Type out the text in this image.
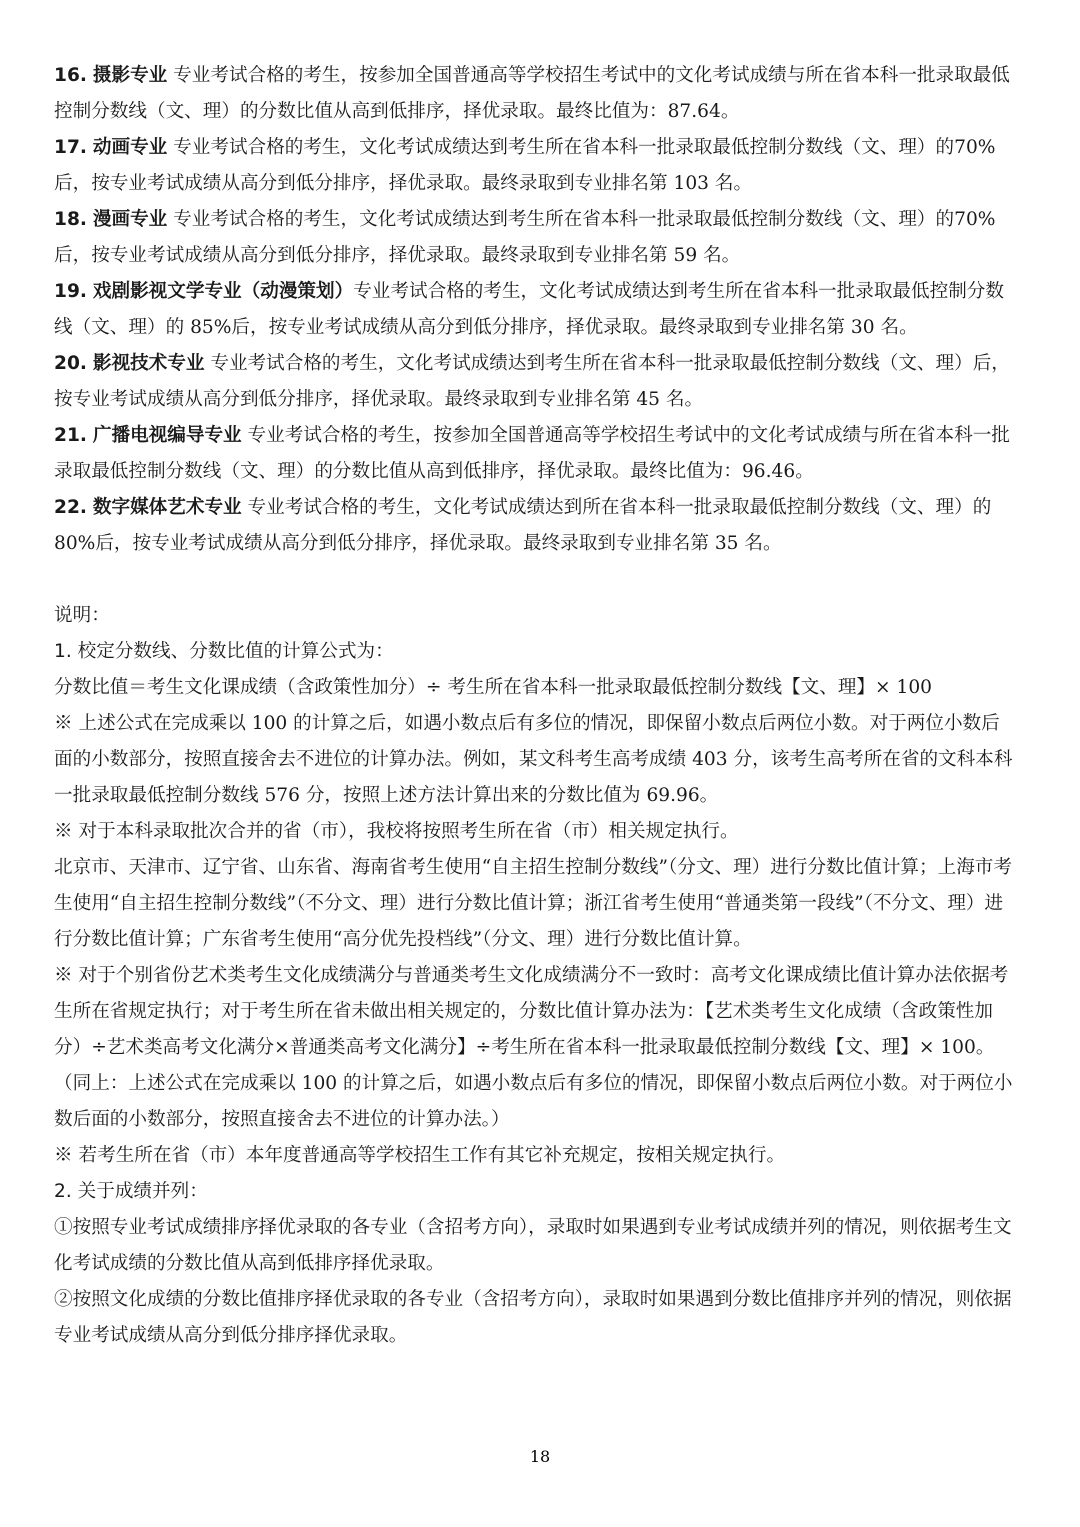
16. 摄影专业 专业考试合格的考生，按参加全国普通高等学校招生考试中的文化考试成绩与所在省本科一批录取最低控制分数线（文、理）的分数比值从高到低排序，择优录取。最终比值为：87.64。

17. 动画专业 专业考试合格的考生，文化考试成绩达到考生所在省本科一批录取最低控制分数线（文、理）的70%后，按专业考试成绩从高分到低分排序，择优录取。最终录取到专业排名第 103 名。

18. 漫画专业 专业考试合格的考生，文化考试成绩达到考生所在省本科一批录取最低控制分数线（文、理）的70%后，按专业考试成绩从高分到低分排序，择优录取。最终录取到专业排名第 59 名。

19. 戏剧影视文学专业（动漫策划）专业考试合格的考生，文化考试成绩达到考生所在省本科一批录取最低控制分数线（文、理）的 85%后，按专业考试成绩从高分到低分排序，择优录取。最终录取到专业排名第 30 名。

20. 影视技术专业 专业考试合格的考生，文化考试成绩达到考生所在省本科一批录取最低控制分数线（文、理）后，按专业考试成绩从高分到低分排序，择优录取。最终录取到专业排名第 45 名。

21. 广播电视编导专业 专业考试合格的考生，按参加全国普通高等学校招生考试中的文化考试成绩与所在省本科一批录取最低控制分数线（文、理）的分数比值从高到低排序，择优录取。最终比值为：96.46。

22. 数字媒体艺术专业 专业考试合格的考生，文化考试成绩达到所在省本科一批录取最低控制分数线（文、理）的 80%后，按专业考试成绩从高分到低分排序，择优录取。最终录取到专业排名第 35 名。

说明：

1. 校定分数线、分数比值的计算公式为：

分数比值＝考生文化课成绩（含政策性加分）÷ 考生所在省本科一批录取最低控制分数线【文、理】× 100

※ 上述公式在完成乘以 100 的计算之后，如遇小数点后有多位的情况，即保留小数点后两位小数。对于两位小数后面的小数部分，按照直接舍去不进位的计算办法。例如，某文科考生高考成绩 403 分，该考生高考所在省的文科本科一批录取最低控制分数线 576 分，按照上述方法计算出来的分数比值为 69.96。

※ 对于本科录取批次合并的省（市），我校将按照考生所在省（市）相关规定执行。

北京市、天津市、辽宁省、山东省、海南省考生使用“自主招生控制分数线”（分文、理）进行分数比值计算；上海市考生使用“自主招生控制分数线”（不分文、理）进行分数比值计算；浙江省考生使用“普通类第一段线”（不分文、理）进行分数比值计算；广东省考生使用“高分优先投档线”（分文、理）进行分数比值计算。

※ 对于个别省份艺术类考生文化成绩满分与普通类考生文化成绩满分不一致时：高考文化课成绩比值计算办法依据考生所在省规定执行；对于考生所在省未做出相关规定的，分数比值计算办法为：【艺术类考生文化成绩（含政策性加分）÷艺术类高考文化满分×普通类高考文化满分】÷考生所在省本科一批录取最低控制分数线【文、理】× 100。（同上：上述公式在完成乘以 100 的计算之后，如遇小数点后有多位的情况，即保留小数点后两位小数。对于两位小数后面的小数部分，按照直接舍去不进位的计算办法。）

※ 若考生所在省（市）本年度普通高等学校招生工作有其它补充规定，按相关规定执行。

2. 关于成绩并列：

①按照专业考试成绩排序择优录取的各专业（含招考方向），录取时如果遇到专业考试成绩并列的情况，则依据考生文化考试成绩的分数比值从高到低排序择优录取。

②按照文化成绩的分数比值排序择优录取的各专业（含招考方向），录取时如果遇到分数比值排序并列的情况，则依据专业考试成绩从高分到低分排序择优录取。

18
